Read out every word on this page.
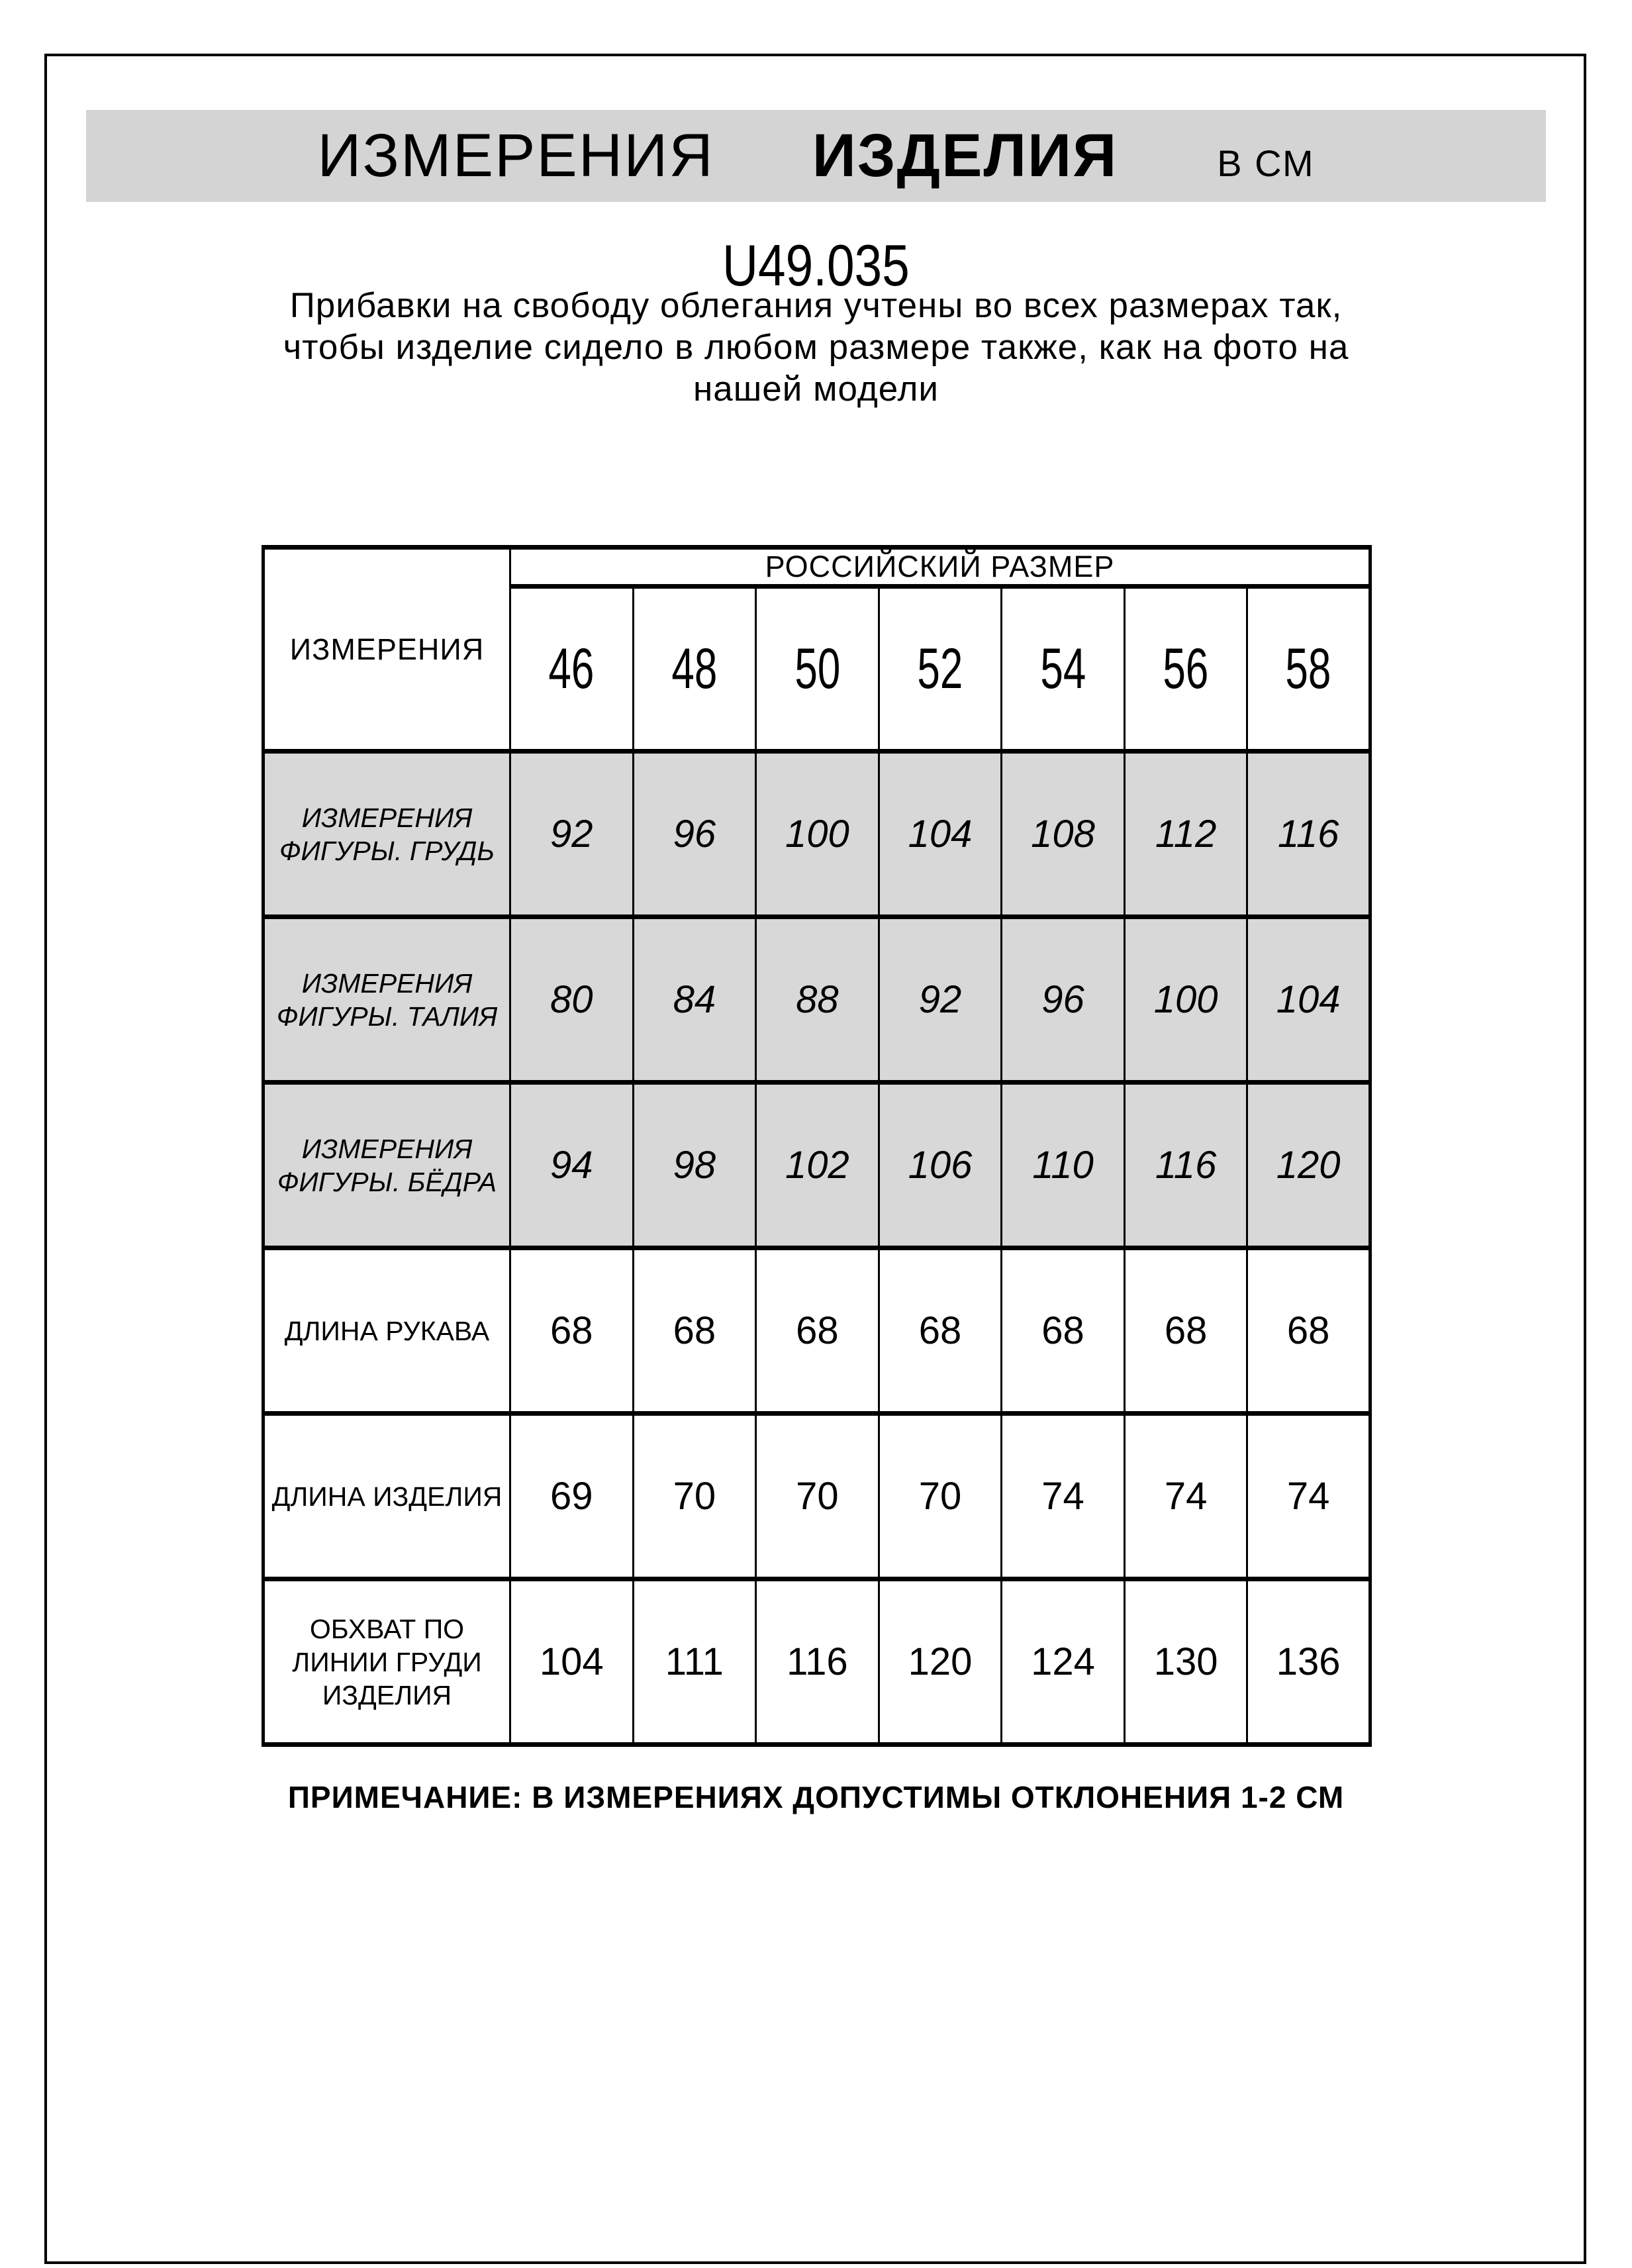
ИЗМЕРЕНИЯ ИЗДЕЛИЯ	В СМ
U49.035
Прибавки на свободу облегания учтены во всех размерах так,
чтобы изделие сидело в любом размере также, как на фото на
нашей модели
ИЗМЕРЕНИЯ	РОССИЙСКИЙ РАЗМЕР						
	46	48	50	52	54	56	58

ИЗМЕРЕНИЯ
ФИГУРЫ. ГРУДЬ	92	96	100	104	108	112	116

ИЗМЕРЕНИЯ
ФИГУРЫ. ТАЛИЯ	80	84	88	92	96	100	104

ИЗМЕРЕНИЯ
ФИГУРЫ. БЁДРА	94	98	102	106	110	116	120

ДЛИНА РУКАВА	68	68	68	68	68	68	68

ДЛИНА ИЗДЕЛИЯ	69	70	70	70	74	74	74

ОБХВАТ ПО
ЛИНИИ ГРУДИ
ИЗДЕЛИЯ	104	111	116	120	124	130	136
ПРИМЕЧАНИЕ: В ИЗМЕРЕНИЯХ ДОПУСТИМЫ ОТКЛОНЕНИЯ 1-2 СМ
